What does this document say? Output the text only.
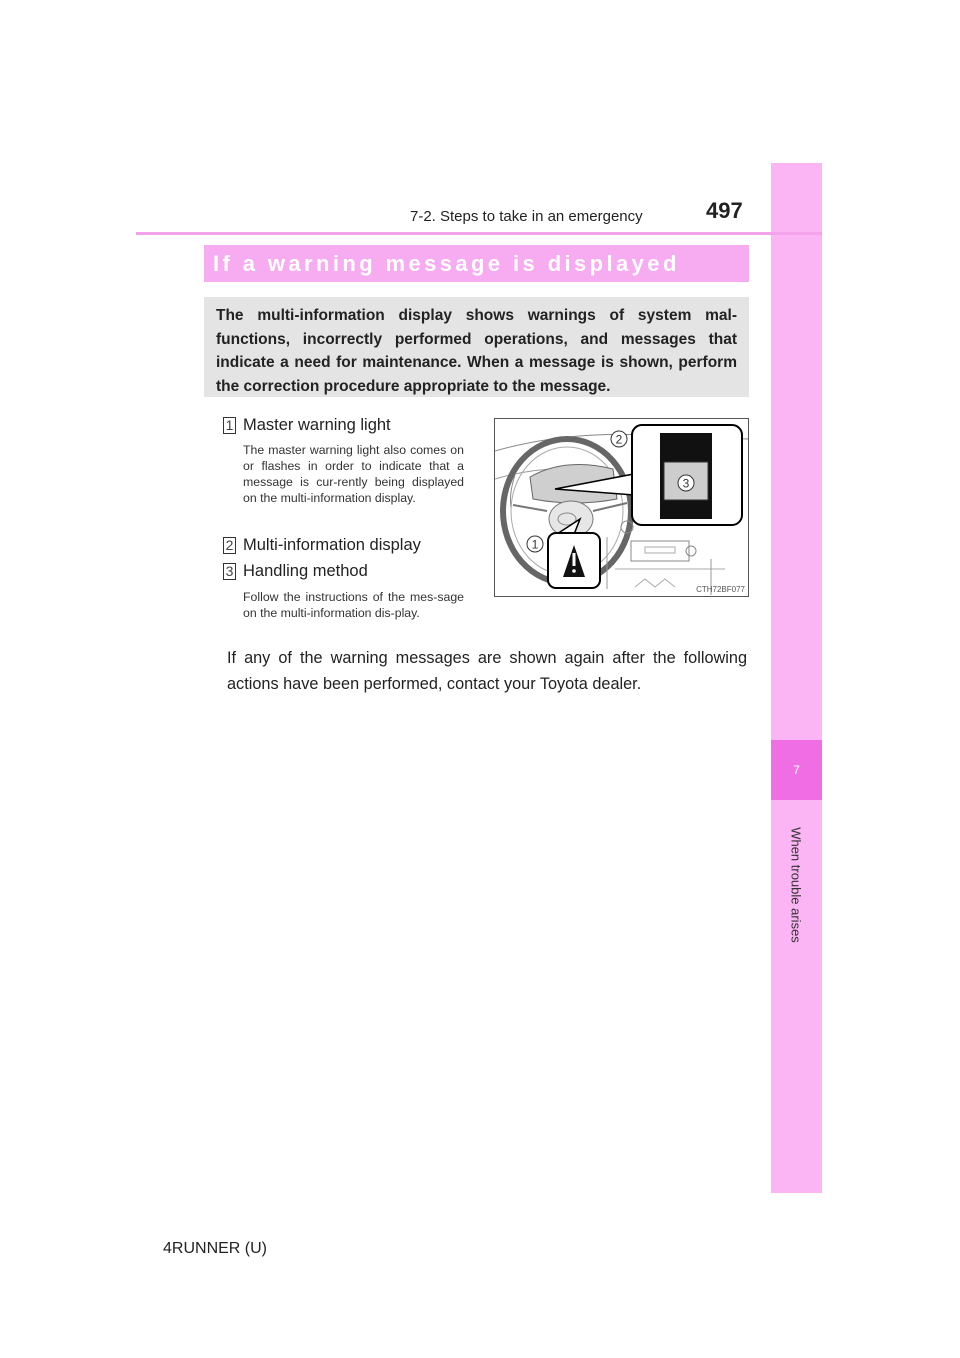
7
When trouble arises
7-2. Steps to take in an emergency	497
If a warning message is displayed
The multi-information display shows warnings of system mal-functions, incorrectly performed operations, and messages that indicate a need for maintenance. When a message is shown, perform the correction procedure appropriate to the message.
1 Master warning light
The master warning light also comes on or flashes in order to indicate that a message is cur-rently being displayed on the multi-information display.
2 Multi-information display
3 Handling method
Follow the instructions of the mes-sage on the multi-information dis-play.
If any of the warning messages are shown again after the following actions have been performed, contact your Toyota dealer.
1
2
3
CTH72BF077
4RUNNER (U)
